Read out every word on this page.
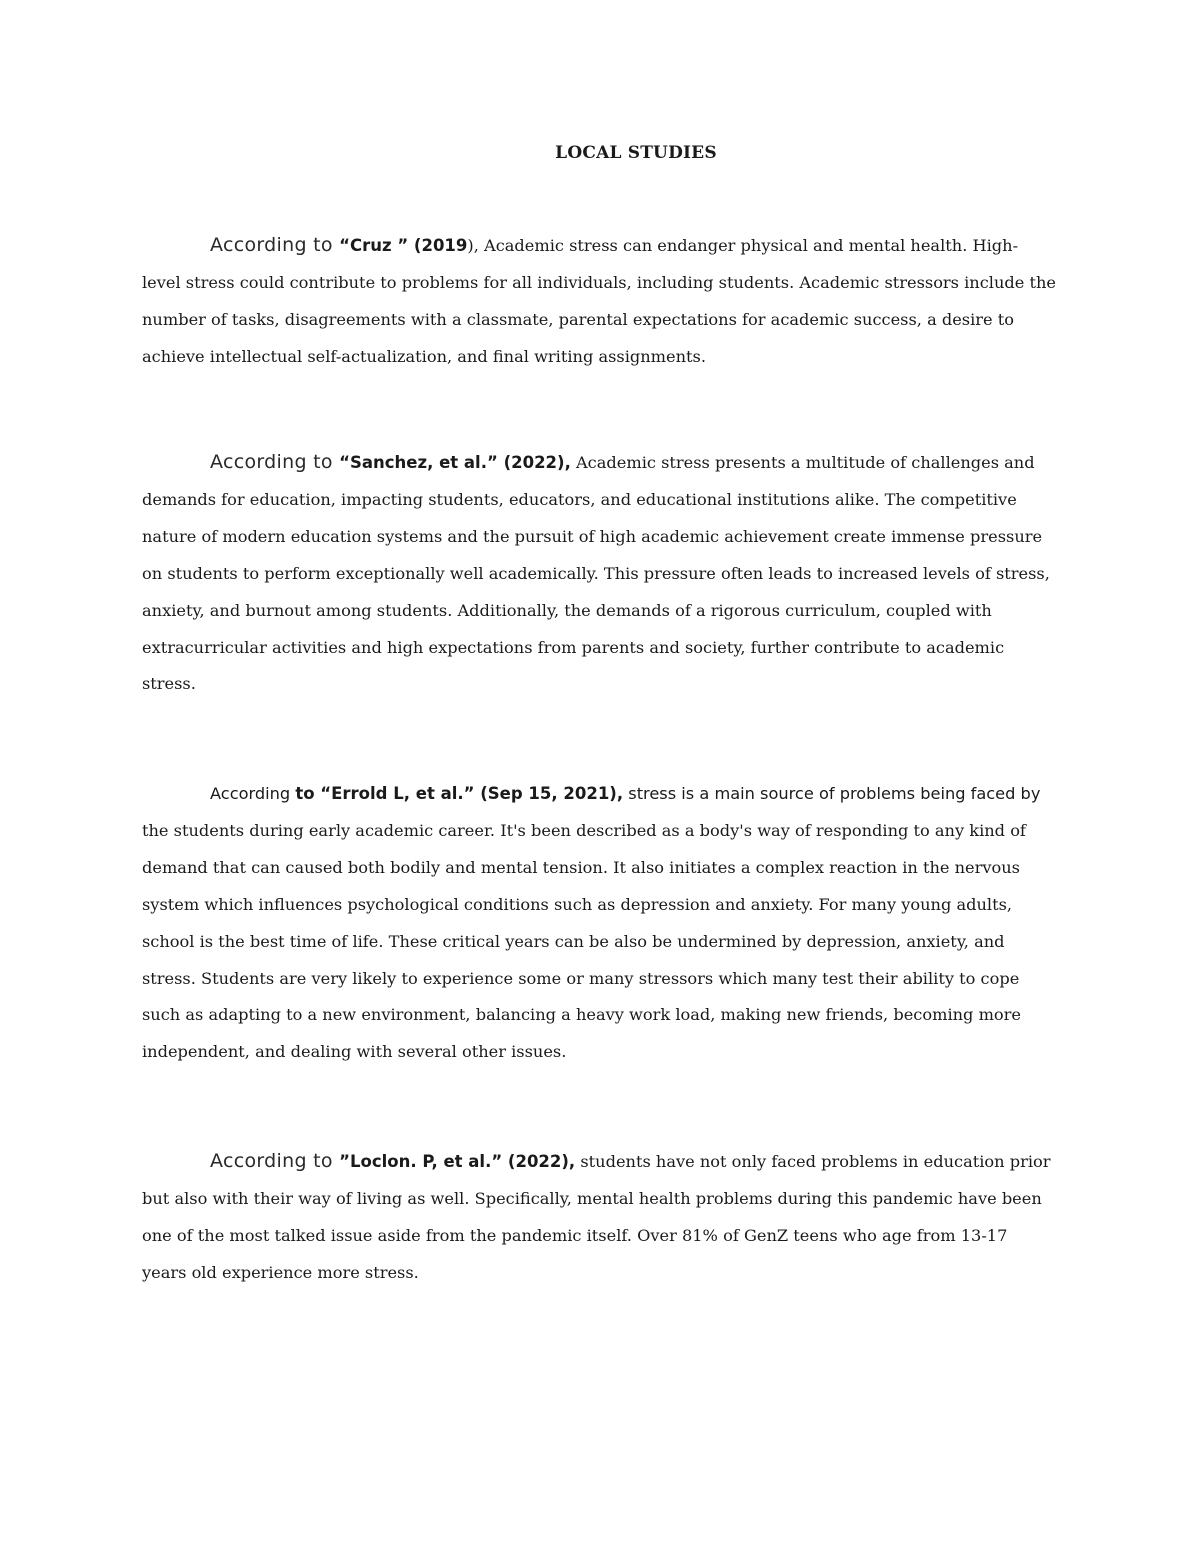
LOCAL STUDIES

According to “Cruz ” (2019), Academic stress can endanger physical and mental health. High-level stress could contribute to problems for all individuals, including students. Academic stressors include the number of tasks, disagreements with a classmate, parental expectations for academic success, a desire to achieve intellectual self-actualization, and final writing assignments.

According to “Sanchez, et al.” (2022), Academic stress presents a multitude of challenges and demands for education, impacting students, educators, and educational institutions alike. The competitive nature of modern education systems and the pursuit of high academic achievement create immense pressure on students to perform exceptionally well academically. This pressure often leads to increased levels of stress, anxiety, and burnout among students. Additionally, the demands of a rigorous curriculum, coupled with extracurricular activities and high expectations from parents and society, further contribute to academic stress.

According to “Errold L, et al.” (Sep 15, 2021), stress is a main source of problems being faced by the students during early academic career. It's been described as a body's way of responding to any kind of demand that can caused both bodily and mental tension. It also initiates a complex reaction in the nervous system which influences psychological conditions such as depression and anxiety. For many young adults, school is the best time of life. These critical years can be also be undermined by depression, anxiety, and stress. Students are very likely to experience some or many stressors which many test their ability to cope such as adapting to a new environment, balancing a heavy work load, making new friends, becoming more independent, and dealing with several other issues.

According to ”Loclon. P, et al.” (2022), students have not only faced problems in education prior but also with their way of living as well. Specifically, mental health problems during this pandemic have been one of the most talked issue aside from the pandemic itself. Over 81% of GenZ teens who age from 13-17 years old experience more stress.
